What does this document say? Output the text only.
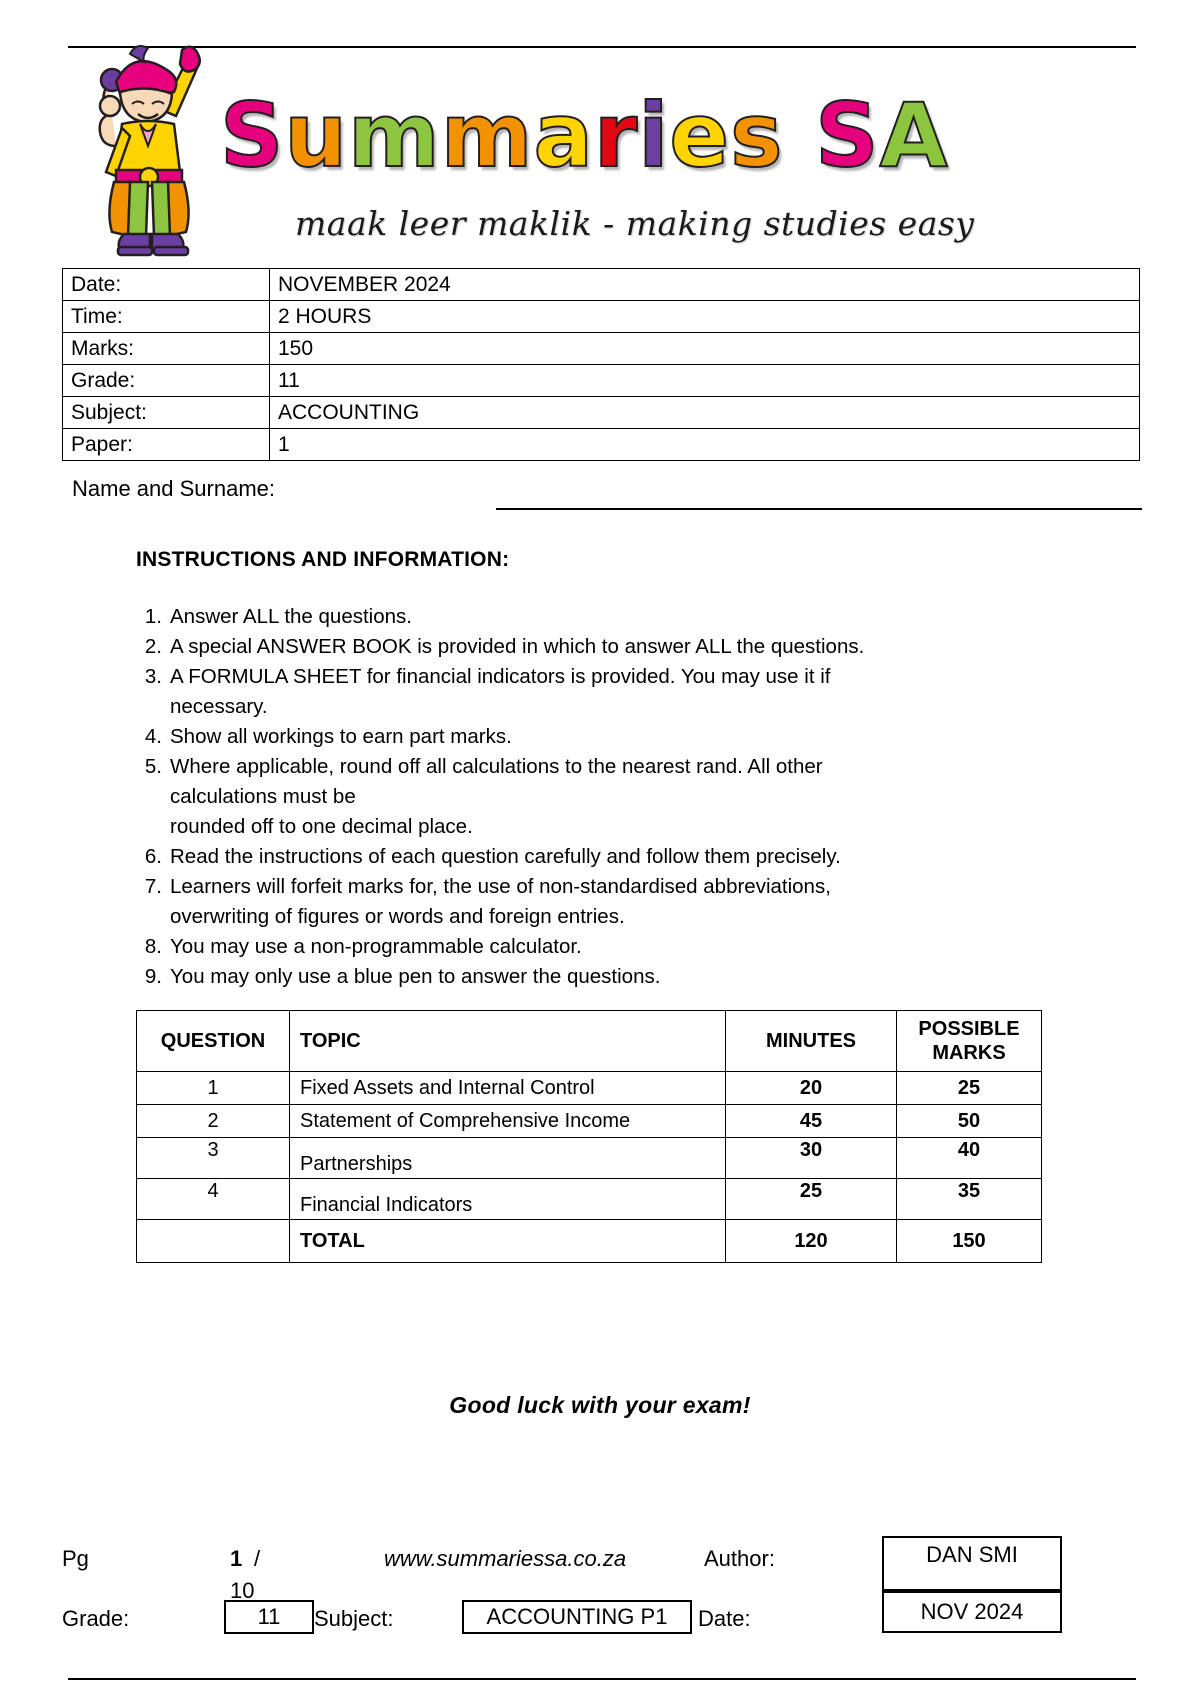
Summaries SA
maak leer maklik - making studies easy
Date:	NOVEMBER 2024
Time:	2 HOURS
Marks:	150
Grade:	11
Subject:	ACCOUNTING
Paper:	1
Name and Surname:
INSTRUCTIONS AND INFORMATION:
1. Answer ALL the questions.
2. A special ANSWER BOOK is provided in which to answer ALL the questions.
3. A FORMULA SHEET for financial indicators is provided. You may use it if
necessary.
4. Show all workings to earn part marks.
5. Where applicable, round off all calculations to the nearest rand. All other
calculations must be
rounded off to one decimal place.
6. Read the instructions of each question carefully and follow them precisely.
7. Learners will forfeit marks for, the use of non-standardised abbreviations,
overwriting of figures or words and foreign entries.
8. You may use a non-programmable calculator.
9. You may only use a blue pen to answer the questions.
QUESTION	TOPIC	MINUTES	POSSIBLE
MARKS
1	Fixed Assets and Internal Control	20	25
2	Statement of Comprehensive Income	45	50
3	Partnerships	30	40
4	Financial Indicators	25	35
	TOTAL	120	150
Good luck with your exam!
Pg	1 /
10
www.summariessa.co.za	Author:	DAN SMI
Grade:	11	Subject:	ACCOUNTING P1	Date:	NOV 2024
